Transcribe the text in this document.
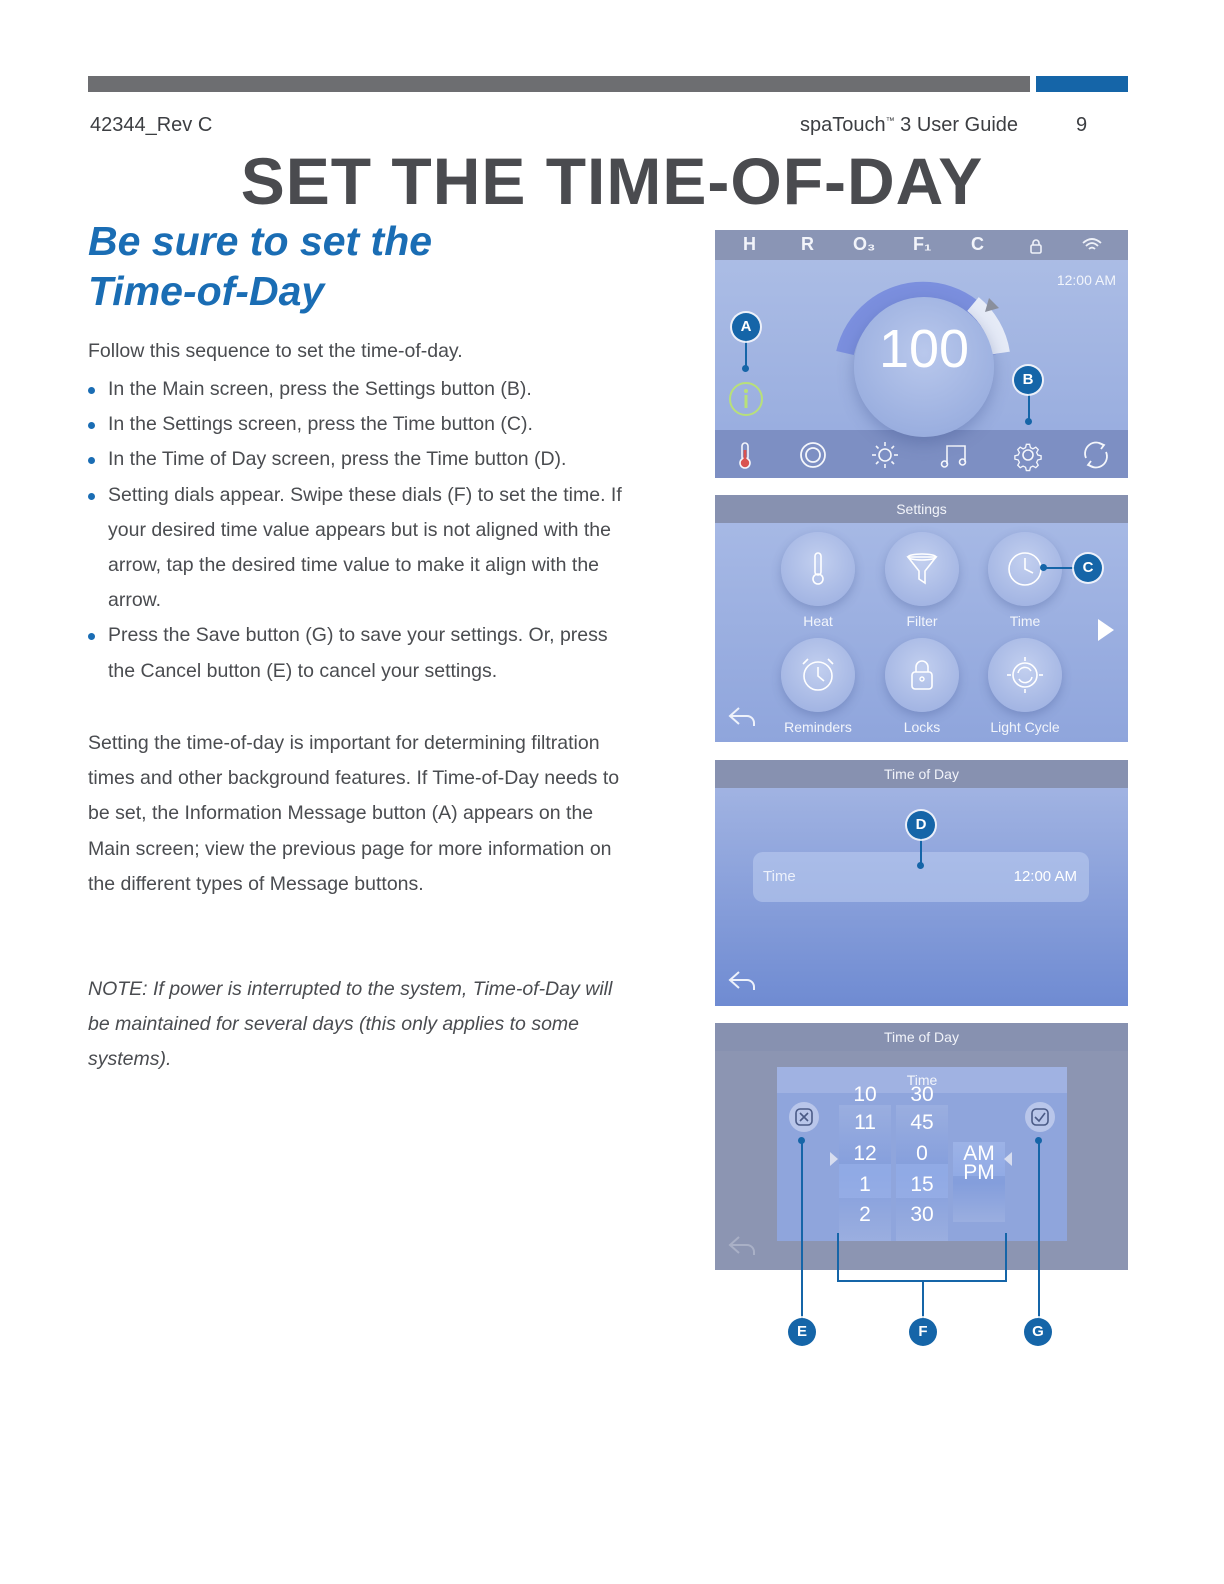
42344_Rev C	spaTouch™ 3 User Guide	9
SET THE TIME-OF-DAY
Be sure to set the
Time-of-Day
Follow this sequence to set the time-of-day.
In the Main screen, press the Settings button (B).
In the Settings screen, press the Time button (C).
In the Time of Day screen, press the Time button (D).
Setting dials appear. Swipe these dials (F) to set the time. If your desired time value appears but is not aligned with the arrow, tap the desired time value to make it align with the arrow.
Press the Save button (G) to save your settings. Or, press the Cancel button (E) to cancel your settings.
Setting the time-of-day is important for determining filtration times and other background features. If Time-of-Day needs to be set, the Information Message button (A) appears on the Main screen; view the previous page for more information on the different types of Message buttons.
NOTE: If power is interrupted to the system, Time-of-Day will be maintained for several days (this only applies to some systems).
H	R O₃ F₁ C
12:00 AM
100
Settings
Heat	Filter	Time
Reminders	Locks	Light Cycle
Time of Day
Time	12:00 AM
Time of Day
Time
10
11
12
1
2
30
45
0
15
30
AM
PM
A
B
C
D
E	F	G
